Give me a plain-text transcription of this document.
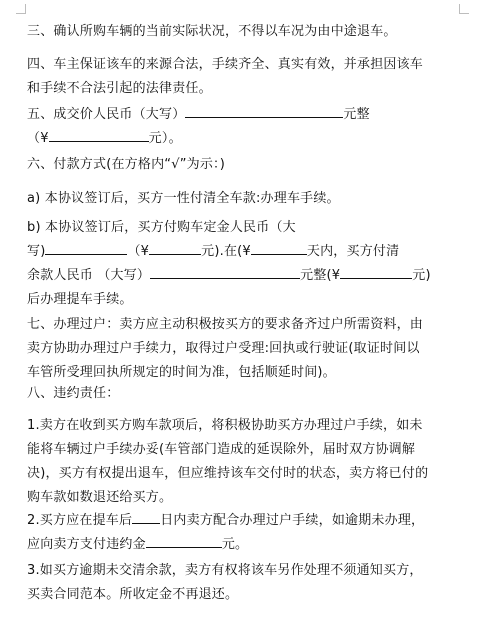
三、确认所购车辆的当前实际状况，不得以车况为由中途退车。
四、车主保证该车的来源合法，手续齐全、真实有效，并承担因该车
和手续不合法引起的法律责任。
五、成交价人民币（大写）	元整
（¥	元）。
六、付款方式(在方格内“√”为示：)
a) 本协议签订后，买方一性付清全车款:办理车手续。
b) 本协议签订后，买方付购车定金人民币（大
写)	（¥	元).在(¥	天内，买方付清
余款人民币 （大写）	元整(¥	元)
后办理提车手续。
七、办理过户：卖方应主动积极按买方的要求备齐过户所需资料，由
卖方协助办理过户手续力，取得过户受理:回执或行驶证(取证时间以
车管所受理回执所规定的时间为准，包括顺延时间)。
八、违约责任：
1.卖方在收到买方购车款项后，将积极协助买方办理过户手续，如未
能将车辆过户手续办妥(车管部门造成的延误除外，届时双方协调解
决)，买方有权提出退车，但应维持该车交付时的状态，卖方将已付的
购车款如数退还给买方。
2.买方应在提车后 日内卖方配合办理过户手续，如逾期未办理，
应向卖方支付违约金	元。
3.如买方逾期未交清余款，卖方有权将该车另作处理不须通知买方，
买卖合同范本。所收定金不再退还。
